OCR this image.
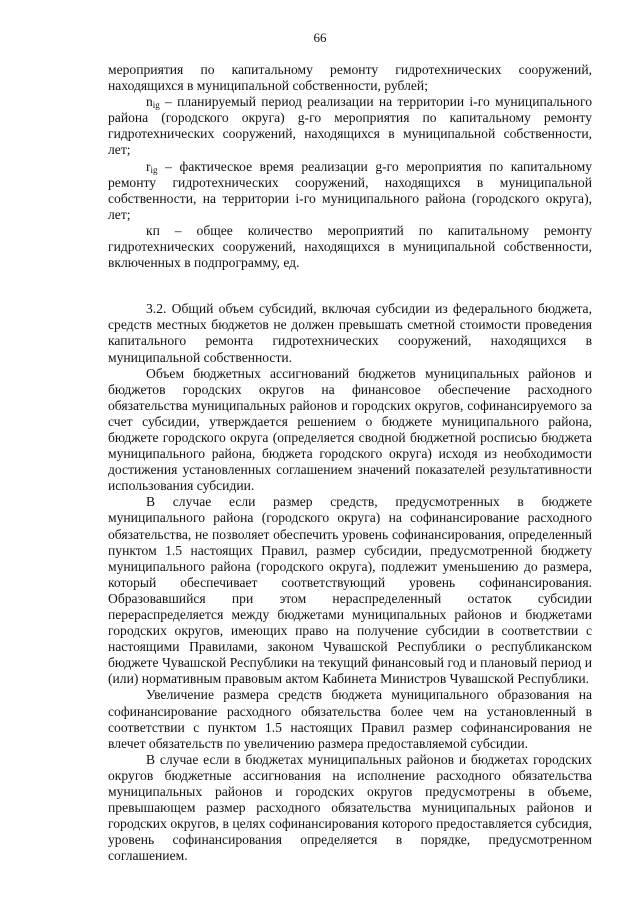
66

мероприятия по капитальному ремонту гидротехнических сооружений, находящихся в муниципальной собственности, рублей;

$n_{ig}$ – планируемый период реализации на территории i-го муниципального района (городского округа) g-го мероприятия по капитальному ремонту гидротехнических сооружений, находящихся в муниципальной собственности, лет;

$r_{ig}$ – фактическое время реализации g-го мероприятия по капитальному ремонту гидротехнических сооружений, находящихся в муниципальной собственности, на территории i-го муниципального района (городского округа), лет;

кп – общее количество мероприятий по капитальному ремонту гидротехнических сооружений, находящихся в муниципальной собственности, включенных в подпрограмму, ед.

3.2. Общий объем субсидий, включая субсидии из федерального бюджета, средств местных бюджетов не должен превышать сметной стоимости проведения капитального ремонта гидротехнических сооружений, находящихся в муниципальной собственности.

Объем бюджетных ассигнований бюджетов муниципальных районов и бюджетов городских округов на финансовое обеспечение расходного обязательства муниципальных районов и городских округов, софинансируемого за счет субсидии, утверждается решением о бюджете муниципального района, бюджете городского округа (определяется сводной бюджетной росписью бюджета муниципального района, бюджета городского округа) исходя из необходимости достижения установленных соглашением значений показателей результативности использования субсидии.

В случае если размер средств, предусмотренных в бюджете муниципального района (городского округа) на софинансирование расходного обязательства, не позволяет обеспечить уровень софинансирования, определенный пунктом 1.5 настоящих Правил, размер субсидии, предусмотренной бюджету муниципального района (городского округа), подлежит уменьшению до размера, который обеспечивает соответствующий уровень софинансирования. Образовавшийся при этом нераспределенный остаток субсидии перераспределяется между бюджетами муниципальных районов и бюджетами городских округов, имеющих право на получение субсидии в соответствии с настоящими Правилами, законом Чувашской Республики о республиканском бюджете Чувашской Республики на текущий финансовый год и плановый период и (или) нормативным правовым актом Кабинета Министров Чувашской Республики.

Увеличение размера средств бюджета муниципального образования на софинансирование расходного обязательства более чем на установленный в соответствии с пунктом 1.5 настоящих Правил размер софинансирования не влечет обязательств по увеличению размера предоставляемой субсидии.

В случае если в бюджетах муниципальных районов и бюджетах городских округов бюджетные ассигнования на исполнение расходного обязательства муниципальных районов и городских округов предусмотрены в объеме, превышающем размер расходного обязательства муниципальных районов и городских округов, в целях софинансирования которого предоставляется субсидия, уровень софинансирования определяется в порядке, предусмотренном соглашением.
